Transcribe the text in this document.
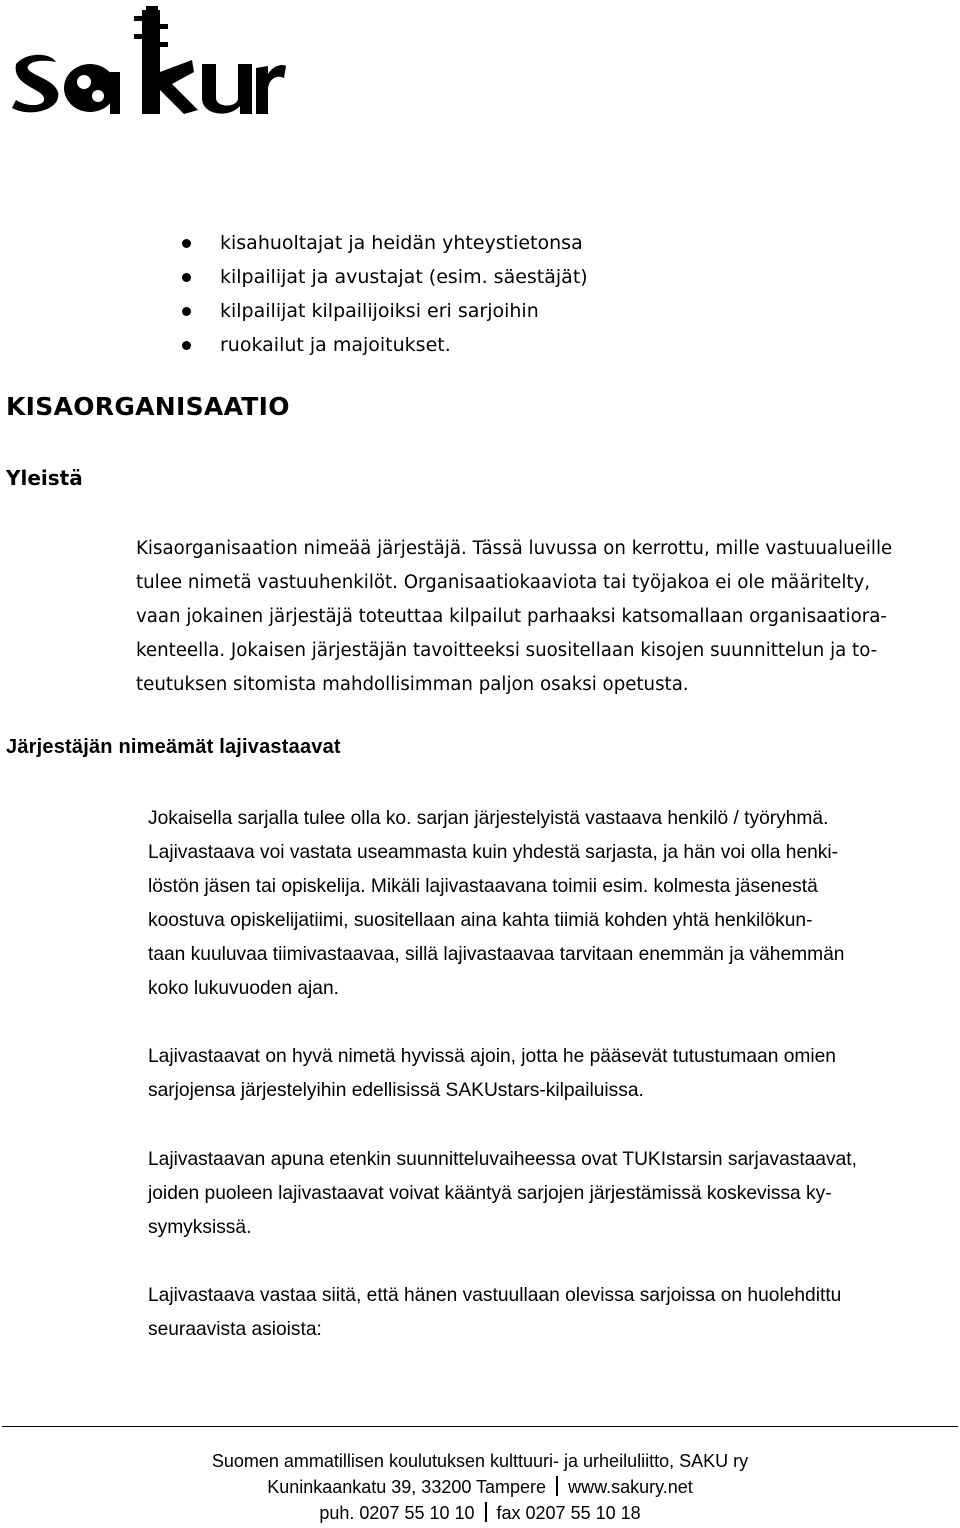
kisahuoltajat ja heidän yhteystietonsa
kilpailijat ja avustajat (esim. säestäjät)
kilpailijat kilpailijoiksi eri sarjoihin
ruokailut ja majoitukset.
KISAORGANISAATIO
Yleistä

Kisaorganisaation nimeää järjestäjä. Tässä luvussa on kerrottu, mille vastuualueille
tulee nimetä vastuuhenkilöt. Organisaatiokaaviota tai työjakoa ei ole määritelty,
vaan jokainen järjestäjä toteuttaa kilpailut parhaaksi katsomallaan organisaatiora-
kenteella. Jokaisen järjestäjän tavoitteeksi suositellaan kisojen suunnittelun ja to-
teutuksen sitomista mahdollisimman paljon osaksi opetusta.

Järjestäjän nimeämät lajivastaavat

Jokaisella sarjalla tulee olla ko. sarjan järjestelyistä vastaava henkilö / työryhmä.
Lajivastaava voi vastata useammasta kuin yhdestä sarjasta, ja hän voi olla henki-
löstön jäsen tai opiskelija. Mikäli lajivastaavana toimii esim. kolmesta jäsenestä
koostuva opiskelijatiimi, suositellaan aina kahta tiimiä kohden yhtä henkilökun-
taan kuuluvaa tiimivastaavaa, sillä lajivastaavaa tarvitaan enemmän ja vähemmän
koko lukuvuoden ajan.

Lajivastaavat on hyvä nimetä hyvissä ajoin, jotta he pääsevät tutustumaan omien
sarjojensa järjestelyihin edellisissä SAKUstars-kilpailuissa.

Lajivastaavan apuna etenkin suunnitteluvaiheessa ovat TUKIstarsin sarjavastaavat,
joiden puoleen lajivastaavat voivat kääntyä sarjojen järjestämissä koskevissa ky-
symyksissä.

Lajivastaava vastaa siitä, että hänen vastuullaan olevissa sarjoissa on huolehdittu
seuraavista asioista:

Suomen ammatillisen koulutuksen kulttuuri- ja urheiluliitto, SAKU ry
Kuninkaankatu 39, 33200 Tampere www.sakury.net
puh. 0207 55 10 10 fax 0207 55 10 18
